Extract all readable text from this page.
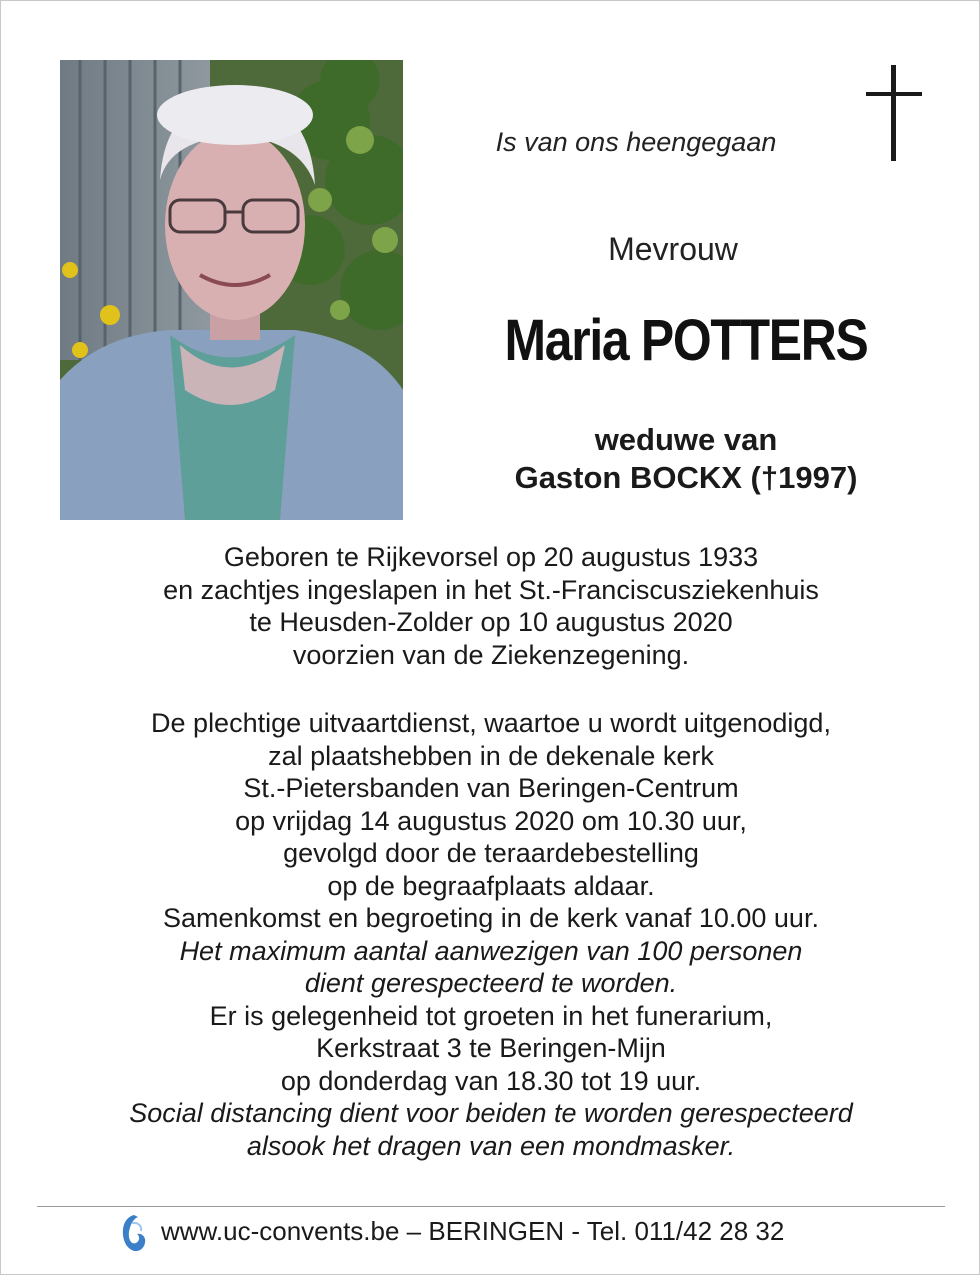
Is van ons heengegaan
Mevrouw
Maria POTTERS
weduwe van
Gaston BOCKX (†1997)
Geboren te Rijkevorsel op 20 augustus 1933
en zachtjes ingeslapen in het St.-Franciscusziekenhuis
te Heusden-Zolder op 10 augustus 2020
voorzien van de Ziekenzegening.
De plechtige uitvaartdienst, waartoe u wordt uitgenodigd,
zal plaatshebben in de dekenale kerk
St.-Pietersbanden van Beringen-Centrum
op vrijdag 14 augustus 2020 om 10.30 uur,
gevolgd door de teraardebestelling
op de begraafplaats aldaar.
Samenkomst en begroeting in de kerk vanaf 10.00 uur.
Het maximum aantal aanwezigen van 100 personen
dient gerespecteerd te worden.
Er is gelegenheid tot groeten in het funerarium,
Kerkstraat 3 te Beringen-Mijn
op donderdag van 18.30 tot 19 uur.
Social distancing dient voor beiden te worden gerespecteerd
alsook het dragen van een mondmasker.
www.uc-convents.be – BERINGEN - Tel. 011/42 28 32
